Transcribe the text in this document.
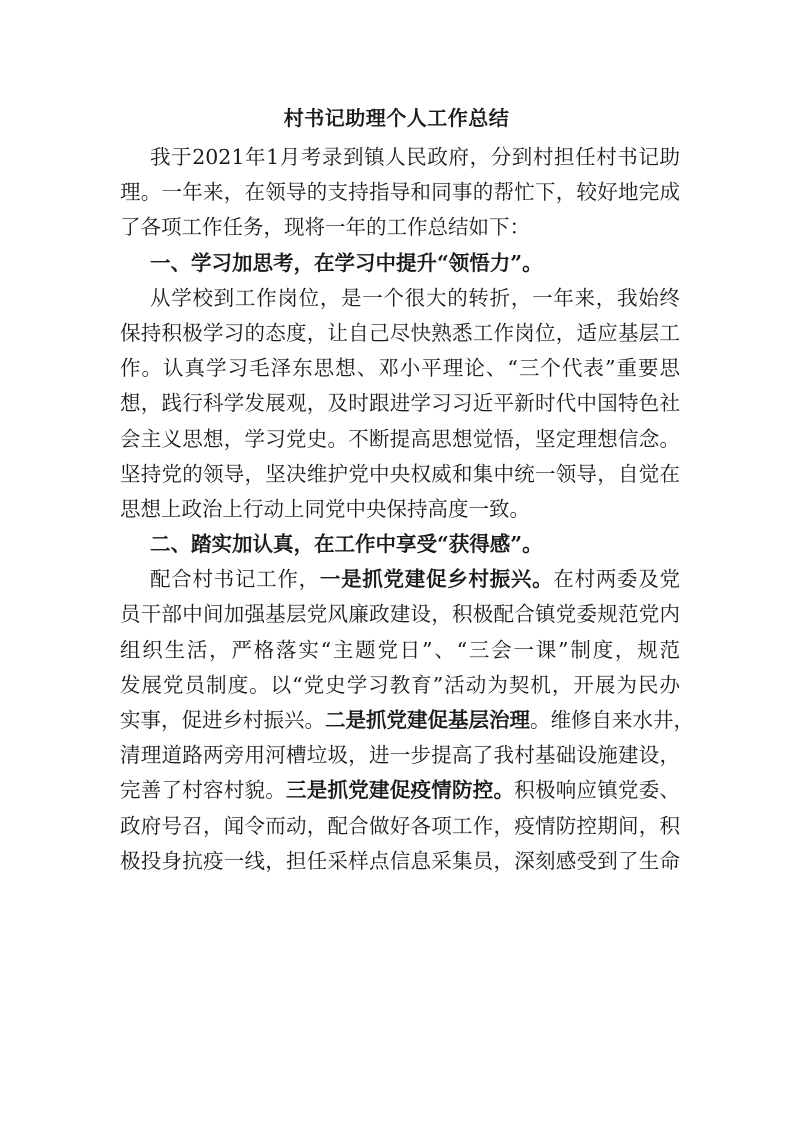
村书记助理个人工作总结
我于2021年1月考录到镇人民政府，分到村担任村书记助
理。一年来，在领导的支持指导和同事的帮忙下，较好地完成
了各项工作任务，现将一年的工作总结如下：
一、学习加思考，在学习中提升“领悟力”。
从学校到工作岗位，是一个很大的转折，一年来，我始终
保持积极学习的态度，让自己尽快熟悉工作岗位，适应基层工
作。认真学习毛泽东思想、邓小平理论、“三个代表”重要思
想，践行科学发展观，及时跟进学习习近平新时代中国特色社
会主义思想，学习党史。不断提高思想觉悟，坚定理想信念。
坚持党的领导，坚决维护党中央权威和集中统一领导，自觉在
思想上政治上行动上同党中央保持高度一致。
二、踏实加认真，在工作中享受“获得感”。
配合村书记工作，一是抓党建促乡村振兴。在村两委及党
员干部中间加强基层党风廉政建设，积极配合镇党委规范党内
组织生活，严格落实“主题党日”、“三会一课”制度，规范
发展党员制度。以“党史学习教育”活动为契机，开展为民办
实事，促进乡村振兴。二是抓党建促基层治理。维修自来水井，
清理道路两旁用河槽垃圾，进一步提高了我村基础设施建设，
完善了村容村貌。三是抓党建促疫情防控。积极响应镇党委、
政府号召，闻令而动，配合做好各项工作，疫情防控期间，积
极投身抗疫一线，担任采样点信息采集员，深刻感受到了生命
